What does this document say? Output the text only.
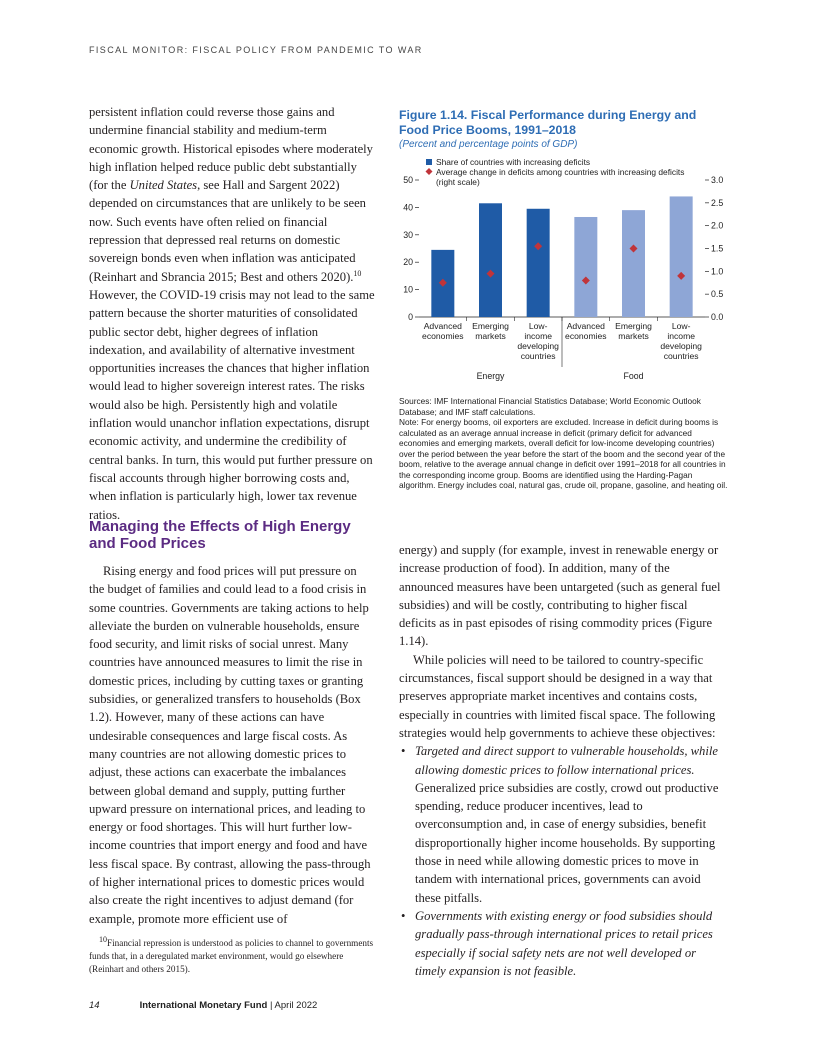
FISCAL MONITOR: FISCAL POLICY FROM PANDEMIC TO WAR

persistent inflation could reverse those gains and undermine financial stability and medium-term economic growth. Historical episodes where moderately high inflation helped reduce public debt substantially (for the United States, see Hall and Sargent 2022) depended on circumstances that are unlikely to be seen now. Such events have often relied on financial repression that depressed real returns on domestic sovereign bonds even when inflation was anticipated (Reinhart and Sbrancia 2015; Best and others 2020).$^{10}$ However, the COVID-19 crisis may not lead to the same pattern because the shorter maturities of consolidated public sector debt, higher degrees of inflation indexation, and availability of alternative investment opportunities increases the chances that higher inflation would lead to higher sovereign interest rates. The risks would also be high. Persistently high and volatile inflation would unanchor inflation expectations, disrupt economic activity, and undermine the credibility of central banks. In turn, this would put further pressure on fiscal accounts through higher borrowing costs and, when inflation is particularly high, lower tax revenue ratios.

Managing the Effects of High Energy and Food Prices

Rising energy and food prices will put pressure on the budget of families and could lead to a food crisis in some countries. Governments are taking actions to help alleviate the burden on vulnerable households, ensure food security, and limit risks of social unrest. Many countries have announced measures to limit the rise in domestic prices, including by cutting taxes or granting subsidies, or generalized transfers to households (Box 1.2). However, many of these actions can have undesirable consequences and large fiscal costs. As many countries are not allowing domestic prices to adjust, these actions can exacerbate the imbalances between global demand and supply, putting further upward pressure on international prices, and leading to energy or food shortages. This will hurt further low-income countries that import energy and food and have less fiscal space. By contrast, allowing the pass-through of higher international prices to domestic prices would also create the right incentives to adjust demand (for example, promote more efficient use of

$^{10}$Financial repression is understood as policies to channel to governments funds that, in a deregulated market environment, would go elsewhere (Reinhart and others 2015).

14	International Monetary Fund | April 2022
Figure 1.14. Fiscal Performance during Energy and Food Price Booms, 1991–2018
(Percent and percentage points of GDP)
Share of countries with increasing deficits
Average change in deficits among countries with increasing deficits
(right scale)
0
10
20
30
40
50
0.0
0.5
1.0
1.5
2.0
2.5
3.0
Advanced
economies
Emerging
markets
Low-
income
developing
countries
Advanced
economies
Emerging
markets
Low-
income
developing
countries
Energy	Food

Sources: IMF International Financial Statistics Database; World Economic Outlook Database; and IMF staff calculations.

Note: For energy booms, oil exporters are excluded. Increase in deficit during booms is calculated as an average annual increase in deficit (primary deficit for advanced economies and emerging markets, overall deficit for low-income developing countries) over the period between the year before the start of the boom and the second year of the boom, relative to the average annual change in deficit over 1991–2018 for all countries in the corresponding income group. Booms are identified using the Harding-Pagan algorithm. Energy includes coal, natural gas, crude oil, propane, gasoline, and heating oil.

energy) and supply (for example, invest in renewable energy or increase production of food). In addition, many of the announced measures have been untargeted (such as general fuel subsidies) and will be costly, contributing to higher fiscal deficits as in past episodes of rising commodity prices (Figure 1.14).

While policies will need to be tailored to country-specific circumstances, fiscal support should be designed in a way that preserves appropriate market incentives and contains costs, especially in countries with limited fiscal space. The following strategies would help governments to achieve these objectives:

• Targeted and direct support to vulnerable households, while allowing domestic prices to follow international prices. Generalized price subsidies are costly, crowd out productive spending, reduce producer incentives, lead to overconsumption and, in case of energy subsidies, benefit disproportionally higher income households. By supporting those in need while allowing domestic prices to move in tandem with international prices, governments can avoid these pitfalls.
• Governments with existing energy or food subsidies should gradually pass-through international prices to retail prices especially if social safety nets are not well developed or timely expansion is not feasible.
